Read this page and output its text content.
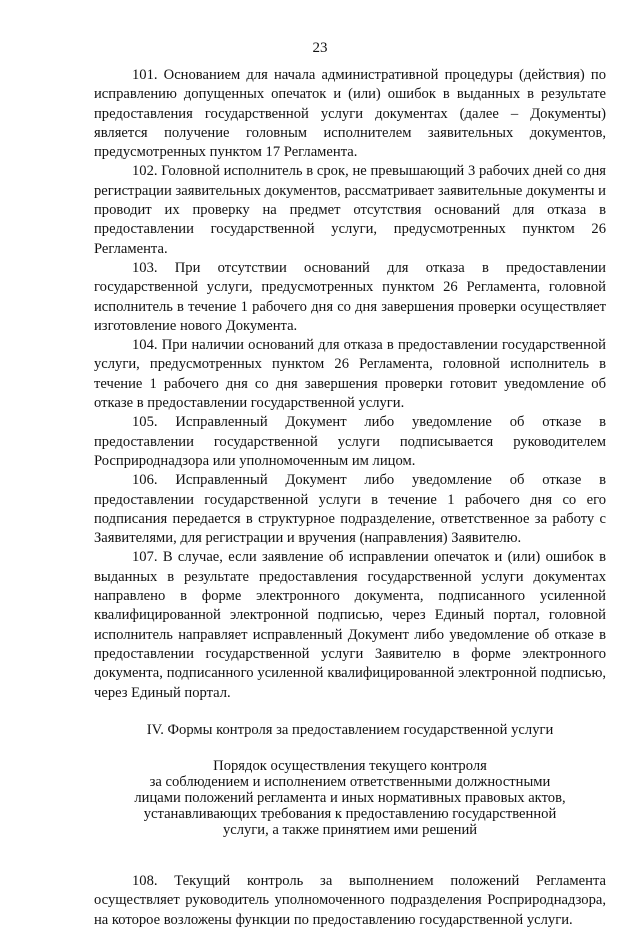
23

101. Основанием для начала административной процедуры (действия) по исправлению допущенных опечаток и (или) ошибок в выданных в результате предоставления государственной услуги документах (далее – Документы) является получение головным исполнителем заявительных документов, предусмотренных пунктом 17 Регламента.

102. Головной исполнитель в срок, не превышающий 3 рабочих дней со дня регистрации заявительных документов, рассматривает заявительные документы и проводит их проверку на предмет отсутствия оснований для отказа в предоставлении государственной услуги, предусмотренных пунктом 26 Регламента.

103. При отсутствии оснований для отказа в предоставлении государственной услуги, предусмотренных пунктом 26 Регламента, головной исполнитель в течение 1 рабочего дня со дня завершения проверки осуществляет изготовление нового Документа.

104. При наличии оснований для отказа в предоставлении государственной услуги, предусмотренных пунктом 26 Регламента, головной исполнитель в течение 1 рабочего дня со дня завершения проверки готовит уведомление об отказе в предоставлении государственной услуги.

105. Исправленный Документ либо уведомление об отказе в предоставлении государственной услуги подписывается руководителем Росприроднадзора или уполномоченным им лицом.

106. Исправленный Документ либо уведомление об отказе в предоставлении государственной услуги в течение 1 рабочего дня со его подписания передается в структурное подразделение, ответственное за работу с Заявителями, для регистрации и вручения (направления) Заявителю.

107. В случае, если заявление об исправлении опечаток и (или) ошибок в выданных в результате предоставления государственной услуги документах направлено в форме электронного документа, подписанного усиленной квалифицированной электронной подписью, через Единый портал, головной исполнитель направляет исправленный Документ либо уведомление об отказе в предоставлении государственной услуги Заявителю в форме электронного документа, подписанного усиленной квалифицированной электронной подписью, через Единый портал.

IV. Формы контроля за предоставлением государственной услуги

Порядок осуществления текущего контроля
за соблюдением и исполнением ответственными должностными
лицами положений регламента и иных нормативных правовых актов,
устанавливающих требования к предоставлению государственной
услуги, а также принятием ими решений

108. Текущий контроль за выполнением положений Регламента осуществляет руководитель уполномоченного подразделения Росприроднадзора, на которое возложены функции по предоставлению государственной услуги.
